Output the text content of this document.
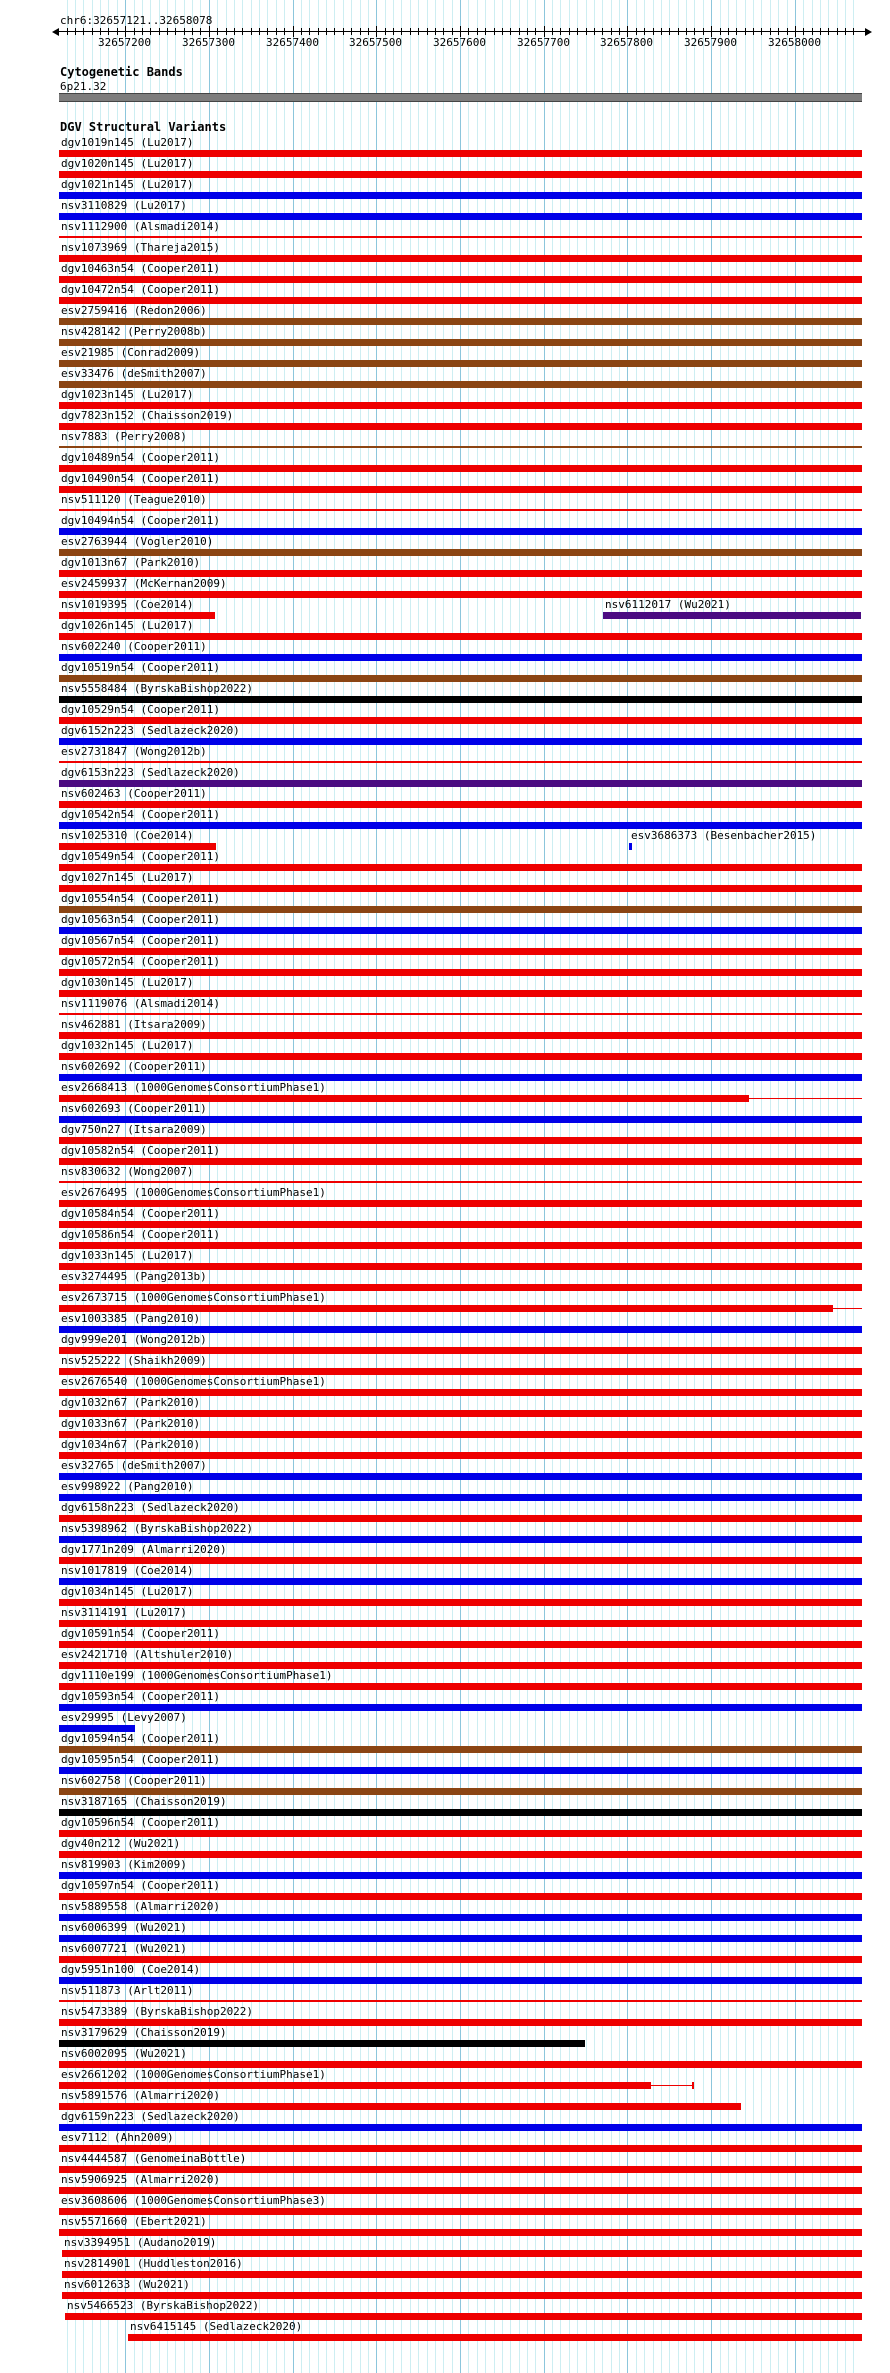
32657200	32657300	32657400	32657500	32657600	32657700	32657800	32657900	32658000
chr6:32657121..32658078
Cytogenetic Bands
6p21.32
DGV Structural Variants
dgv1019n145 (Lu2017)
dgv1020n145 (Lu2017)
dgv1021n145 (Lu2017)
nsv3110829 (Lu2017)
nsv1112900 (Alsmadi2014)
nsv1073969 (Thareja2015)
dgv10463n54 (Cooper2011)
dgv10472n54 (Cooper2011)
esv2759416 (Redon2006)
nsv428142 (Perry2008b)
esv21985 (Conrad2009)
esv33476 (deSmith2007)
dgv1023n145 (Lu2017)
dgv7823n152 (Chaisson2019)
nsv7883 (Perry2008)
dgv10489n54 (Cooper2011)
dgv10490n54 (Cooper2011)
nsv511120 (Teague2010)
dgv10494n54 (Cooper2011)
esv2763944 (Vogler2010)
dgv1013n67 (Park2010)
esv2459937 (McKernan2009)
nsv1019395 (Coe2014)	nsv6112017 (Wu2021)
dgv1026n145 (Lu2017)
nsv602240 (Cooper2011)
dgv10519n54 (Cooper2011)
nsv5558484 (ByrskaBishop2022)
dgv10529n54 (Cooper2011)
dgv6152n223 (Sedlazeck2020)
esv2731847 (Wong2012b)
dgv6153n223 (Sedlazeck2020)
nsv602463 (Cooper2011)
dgv10542n54 (Cooper2011)
nsv1025310 (Coe2014)	esv3686373 (Besenbacher2015)
dgv10549n54 (Cooper2011)
dgv1027n145 (Lu2017)
dgv10554n54 (Cooper2011)
dgv10563n54 (Cooper2011)
dgv10567n54 (Cooper2011)
dgv10572n54 (Cooper2011)
dgv1030n145 (Lu2017)
nsv1119076 (Alsmadi2014)
nsv462881 (Itsara2009)
dgv1032n145 (Lu2017)
nsv602692 (Cooper2011)
esv2668413 (1000GenomesConsortiumPhase1)
nsv602693 (Cooper2011)
dgv750n27 (Itsara2009)
dgv10582n54 (Cooper2011)
nsv830632 (Wong2007)
esv2676495 (1000GenomesConsortiumPhase1)
dgv10584n54 (Cooper2011)
dgv10586n54 (Cooper2011)
dgv1033n145 (Lu2017)
esv3274495 (Pang2013b)
esv2673715 (1000GenomesConsortiumPhase1)
esv1003385 (Pang2010)
dgv999e201 (Wong2012b)
nsv525222 (Shaikh2009)
esv2676540 (1000GenomesConsortiumPhase1)
dgv1032n67 (Park2010)
dgv1033n67 (Park2010)
dgv1034n67 (Park2010)
esv32765 (deSmith2007)
esv998922 (Pang2010)
dgv6158n223 (Sedlazeck2020)
nsv5398962 (ByrskaBishop2022)
dgv1771n209 (Almarri2020)
nsv1017819 (Coe2014)
dgv1034n145 (Lu2017)
nsv3114191 (Lu2017)
dgv10591n54 (Cooper2011)
esv2421710 (Altshuler2010)
dgv1110e199 (1000GenomesConsortiumPhase1)
dgv10593n54 (Cooper2011)
esv29995 (Levy2007)
dgv10594n54 (Cooper2011)
dgv10595n54 (Cooper2011)
nsv602758 (Cooper2011)
nsv3187165 (Chaisson2019)
dgv10596n54 (Cooper2011)
dgv40n212 (Wu2021)
nsv819903 (Kim2009)
dgv10597n54 (Cooper2011)
nsv5889558 (Almarri2020)
nsv6006399 (Wu2021)
nsv6007721 (Wu2021)
dgv5951n100 (Coe2014)
nsv511873 (Arlt2011)
nsv5473389 (ByrskaBishop2022)
nsv3179629 (Chaisson2019)
nsv6002095 (Wu2021)
esv2661202 (1000GenomesConsortiumPhase1)
nsv5891576 (Almarri2020)
dgv6159n223 (Sedlazeck2020)
esv7112 (Ahn2009)
nsv4444587 (GenomeinaBottle)
nsv5906925 (Almarri2020)
esv3608606 (1000GenomesConsortiumPhase3)
nsv5571660 (Ebert2021)
nsv3394951 (Audano2019)
nsv2814901 (Huddleston2016)
nsv6012633 (Wu2021)
nsv5466523 (ByrskaBishop2022)
nsv6415145 (Sedlazeck2020)
